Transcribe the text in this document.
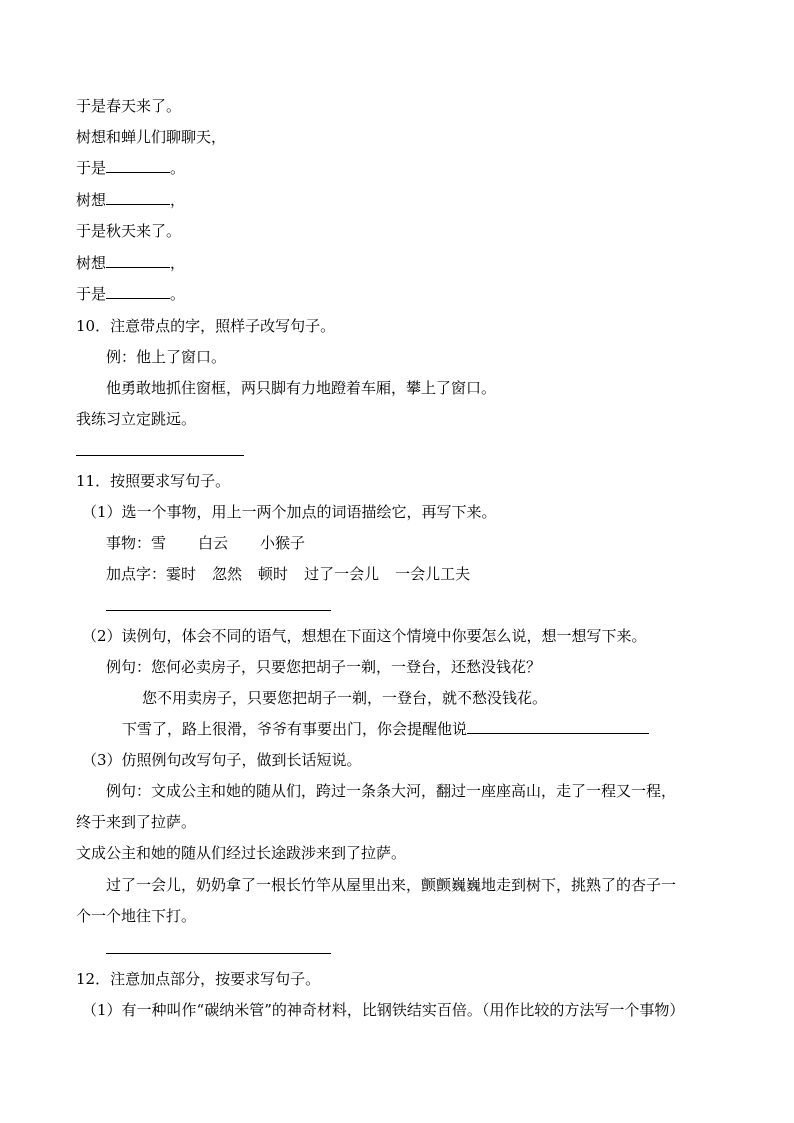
于是春天来了。
树想和蝉儿们聊聊天，
于是	。
树想	，
于是秋天来了。
树想	，
于是	。
10．注意带点的字，照样子改写句子。
例：他上了窗口。
他勇敢地抓住窗框，两只脚有力地蹬着车厢，攀上了窗口。
我练习立定跳远。
11．按照要求写句子。
（1）选一个事物，用上一两个加点的词语描绘它，再写下来。
事物：雪 白云 小猴子
加点字：霎时 忽然 顿时 过了一会儿 一会儿工夫
（2）读例句，体会不同的语气，想想在下面这个情境中你要怎么说，想一想写下来。
例句：您何必卖房子，只要您把胡子一剃，一登台，还愁没钱花？
您不用卖房子，只要您把胡子一剃，一登台，就不愁没钱花。
下雪了，路上很滑，爷爷有事要出门，你会提醒他说
（3）仿照例句改写句子，做到长话短说。
例句：文成公主和她的随从们，跨过一条条大河，翻过一座座高山，走了一程又一程，
终于来到了拉萨。
文成公主和她的随从们经过长途跋涉来到了拉萨。
过了一会儿，奶奶拿了一根长竹竿从屋里出来，颤颤巍巍地走到树下，挑熟了的杏子一
个一个地往下打。
12．注意加点部分，按要求写句子。
（1）有一种叫作“碳纳米管”的神奇材料，比钢铁结实百倍。（用作比较的方法写一个事物）
